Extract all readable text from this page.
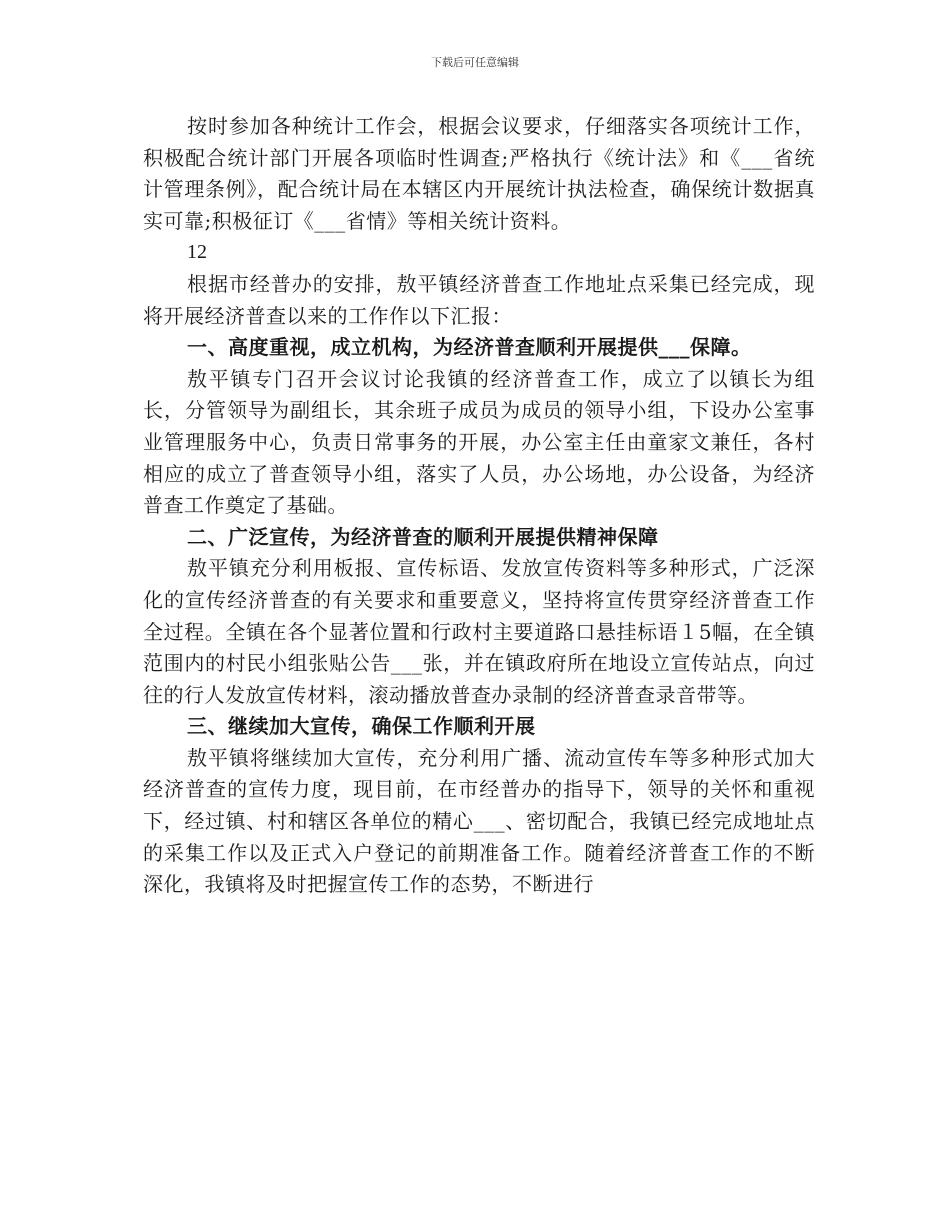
下载后可任意编辑

按时参加各种统计工作会，根据会议要求，仔细落实各项统计工作，积极配合统计部门开展各项临时性调查;严格执行《统计法》和《___省统计管理条例》，配合统计局在本辖区内开展统计执法检查，确保统计数据真实可靠;积极征订《___省情》等相关统计资料。

12

根据市经普办的安排，敖平镇经济普查工作地址点采集已经完成，现将开展经济普查以来的工作作以下汇报：

一、高度重视，成立机构，为经济普查顺利开展提供___保障。

敖平镇专门召开会议讨论我镇的经济普查工作，成立了以镇长为组长，分管领导为副组长，其余班子成员为成员的领导小组，下设办公室事业管理服务中心，负责日常事务的开展，办公室主任由童家文兼任，各村相应的成立了普查领导小组，落实了人员，办公场地，办公设备，为经济普查工作奠定了基础。

二、广泛宣传，为经济普查的顺利开展提供精神保障

敖平镇充分利用板报、宣传标语、发放宣传资料等多种形式，广泛深化的宣传经济普查的有关要求和重要意义，坚持将宣传贯穿经济普查工作全过程。全镇在各个显著位置和行政村主要道路口悬挂标语１5幅，在全镇范围内的村民小组张贴公告___张，并在镇政府所在地设立宣传站点，向过往的行人发放宣传材料，滚动播放普查办录制的经济普查录音带等。

三、继续加大宣传，确保工作顺利开展

敖平镇将继续加大宣传，充分利用广播、流动宣传车等多种形式加大经济普查的宣传力度，现目前，在市经普办的指导下，领导的关怀和重视下，经过镇、村和辖区各单位的精心___、密切配合，我镇已经完成地址点的采集工作以及正式入户登记的前期准备工作。随着经济普查工作的不断深化，我镇将及时把握宣传工作的态势，不断进行
